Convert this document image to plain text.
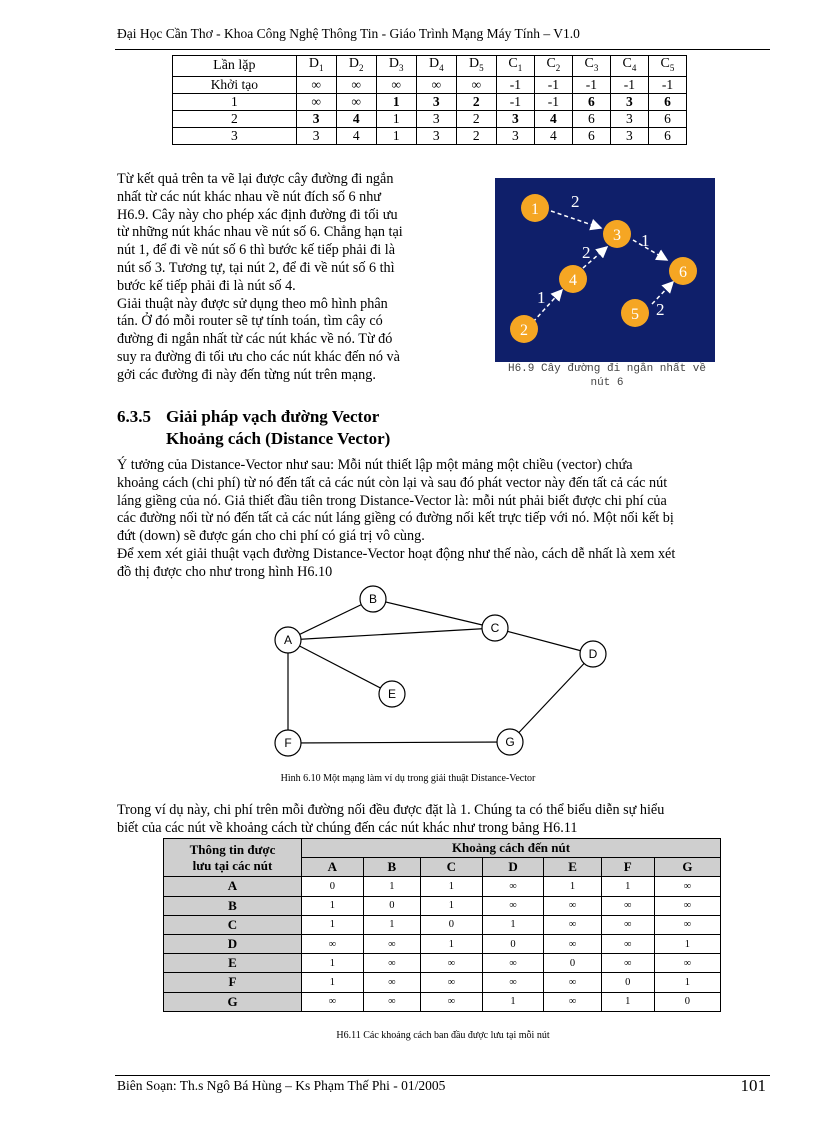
Đại Học Cần Thơ - Khoa Công Nghệ Thông Tin - Giáo Trình Mạng Máy Tính – V1.0
Lần lặp	$D_1$	$D_2$	$D_3$	$D_4$	$D_5$	$C_1$	$C_2$	$C_3$	$C_4$	$C_5$
Khởi tạo	∞	∞	∞	∞	∞	-1	-1	-1	-1	-1
1	∞	∞	1	3	2	-1	-1	6	3	6
2	3	4	1	3	2	3	4	6	3	6
3	3	4	1	3	2	3	4	6	3	6
Từ kết quả trên ta vẽ lại được cây đường đi ngắn
nhất từ các nút khác nhau về nút đích số 6 như
H6.9. Cây này cho phép xác định đường đi tối ưu
từ những nút khác nhau về nút số 6. Chẳng hạn tại
nút 1, để đi về nút số 6 thì bước kế tiếp phải đi là
nút số 3. Tương tự, tại nút 2, để đi về nút số 6 thì
bước kế tiếp phải đi là nút số 4.
Giải thuật này được sử dụng theo mô hình phân
tán. Ở đó mỗi router sẽ tự tính toán, tìm cây có
đường đi ngắn nhất từ các nút khác về nó. Từ đó
suy ra đường đi tối ưu cho các nút khác đến nó và
gởi các đường đi này đến từng nút trên mạng.
2
1
2
1
2
1
2
3
4
5
6
H6.9 Cây đường đi ngắn nhất về
nút 6
6.3.5 Giải pháp vạch đường Vector
Khoảng cách (Distance Vector)
Ý tưởng của Distance-Vector như sau: Mỗi nút thiết lập một mảng một chiều (vector) chứa
khoảng cách (chi phí) từ nó đến tất cả các nút còn lại và sau đó phát vector này đến tất cả các nút
láng giềng của nó. Giả thiết đầu tiên trong Distance-Vector là: mỗi nút phải biết được chi phí của
các đường nối từ nó đến tất cả các nút láng giềng có đường nối kết trực tiếp với nó. Một nối kết bị
đứt (down) sẽ được gán cho chi phí có giá trị vô cùng.
Để xem xét giải thuật vạch đường Distance-Vector hoạt động như thế nào, cách dễ nhất là xem xét
đồ thị được cho như trong hình H6.10
A
B
C
D
E
F	G
Hình 6.10 Một mạng làm ví dụ trong giải thuật Distance-Vector
Trong ví dụ này, chi phí trên mỗi đường nối đều được đặt là 1. Chúng ta có thể biểu diễn sự hiểu
biết của các nút về khoảng cách từ chúng đến các nút khác như trong bảng H6.11
Thông tin được
lưu tại các nút	Khoảng cách đến nút						
	A	B	C	D	E	F	G
A	0	1	1	∞	1	1	∞
B	1	0	1	∞	∞	∞	∞
C	1	1	0	1	∞	∞	∞
D	∞	∞	1	0	∞	∞	1
E	1	∞	∞	∞	0	∞	∞
F	1	∞	∞	∞	∞	0	1
G	∞	∞	∞	1	∞	1	0
H6.11 Các khoảng cách ban đầu được lưu tại mỗi nút
Biên Soạn: Th.s Ngô Bá Hùng – Ks Phạm Thế Phi - 01/2005	101
